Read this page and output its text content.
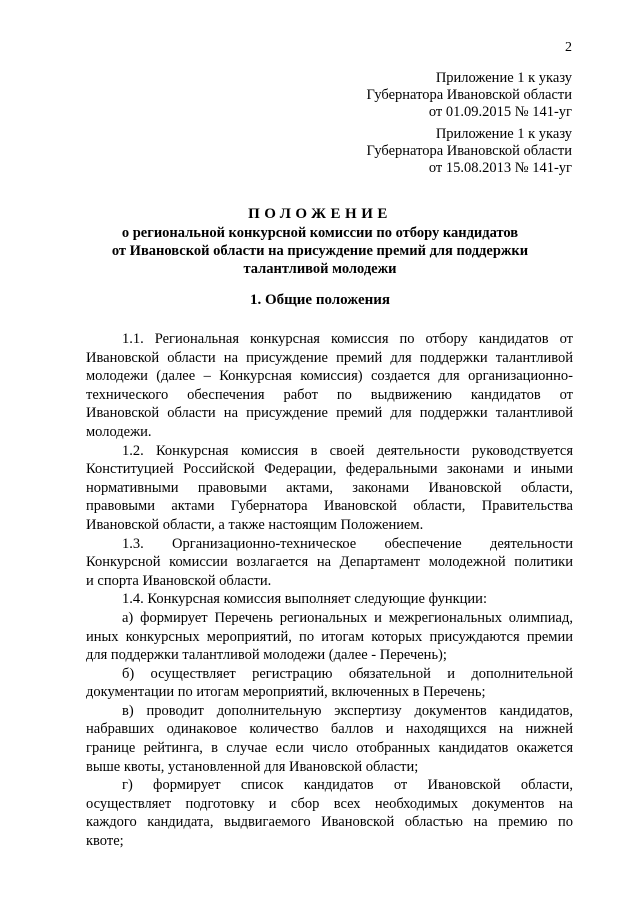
2
Приложение 1 к указу
Губернатора Ивановской области
от 01.09.2015 № 141-уг
Приложение 1 к указу
Губернатора Ивановской области
от 15.08.2013 № 141-уг
ПОЛОЖЕНИЕ
о региональной конкурсной комиссии по отбору кандидатов
от Ивановской области на присуждение премий для поддержки
талантливой молодежи
1. Общие положения
1.1. Региональная конкурсная комиссия по отбору кандидатов от
Ивановской области на присуждение премий для поддержки талантливой
молодежи (далее – Конкурсная комиссия) создается для организационно-
технического обеспечения работ по выдвижению кандидатов от
Ивановской области на присуждение премий для поддержки талантливой
молодежи.
1.2. Конкурсная комиссия в своей деятельности руководствуется
Конституцией Российской Федерации, федеральными законами и иными
нормативными правовыми актами, законами Ивановской области,
правовыми актами Губернатора Ивановской области, Правительства
Ивановской области, а также настоящим Положением.
1.3. Организационно-техническое обеспечение деятельности
Конкурсной комиссии возлагается на Департамент молодежной политики
и спорта Ивановской области.
1.4. Конкурсная комиссия выполняет следующие функции:
а) формирует Перечень региональных и межрегиональных олимпиад,
иных конкурсных мероприятий, по итогам которых присуждаются премии
для поддержки талантливой молодежи (далее - Перечень);
б) осуществляет регистрацию обязательной и дополнительной
документации по итогам мероприятий, включенных в Перечень;
в) проводит дополнительную экспертизу документов кандидатов,
набравших одинаковое количество баллов и находящихся на нижней
границе рейтинга, в случае если число отобранных кандидатов окажется
выше квоты, установленной для Ивановской области;
г) формирует список кандидатов от Ивановской области,
осуществляет подготовку и сбор всех необходимых документов на
каждого кандидата, выдвигаемого Ивановской областью на премию по
квоте;
